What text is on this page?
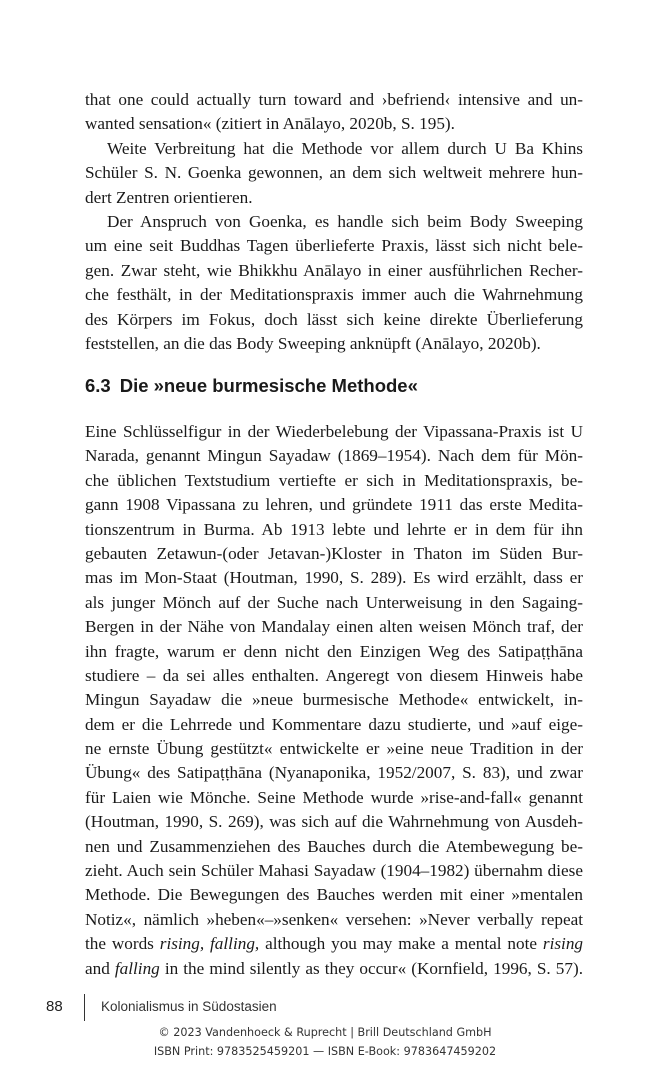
that one could actually turn toward and ›befriend‹ intensive and un-
wanted sensation« (zitiert in Anālayo, 2020b, S. 195).
Weite Verbreitung hat die Methode vor allem durch U Ba Khins
Schüler S. N. Goenka gewonnen, an dem sich weltweit mehrere hun-
dert Zentren orientieren.
Der Anspruch von Goenka, es handle sich beim Body Sweeping
um eine seit Buddhas Tagen überlieferte Praxis, lässt sich nicht bele-
gen. Zwar steht, wie Bhikkhu Anālayo in einer ausführlichen Recher-
che festhält, in der Meditationspraxis immer auch die Wahrnehmung
des Körpers im Fokus, doch lässt sich keine direkte Überlieferung
feststellen, an die das Body Sweeping anknüpft (Anālayo, 2020b).
6.3 Die »neue burmesische Methode«
Eine Schlüsselfigur in der Wiederbelebung der Vipassana-Praxis ist U
Narada, genannt Mingun Sayadaw (1869–1954). Nach dem für Mön-
che üblichen Textstudium vertiefte er sich in Meditationspraxis, be-
gann 1908 Vipassana zu lehren, und gründete 1911 das erste Medita-
tionszentrum in Burma. Ab 1913 lebte und lehrte er in dem für ihn
gebauten Zetawun-(oder Jetavan-)Kloster in Thaton im Süden Bur-
mas im Mon-Staat (Houtman, 1990, S. 289). Es wird erzählt, dass er
als junger Mönch auf der Suche nach Unterweisung in den Sagaing-
Bergen in der Nähe von Mandalay einen alten weisen Mönch traf, der
ihn fragte, warum er denn nicht den Einzigen Weg des Satipaṭṭhāna
studiere – da sei alles enthalten. Angeregt von diesem Hinweis habe
Mingun Sayadaw die »neue burmesische Methode« entwickelt, in-
dem er die Lehrrede und Kommentare dazu studierte, und »auf eige-
ne ernste Übung gestützt« entwickelte er »eine neue Tradition in der
Übung« des Satipaṭṭhāna (Nyanaponika, 1952/2007, S. 83), und zwar
für Laien wie Mönche. Seine Methode wurde »rise-and-fall« genannt
(Houtman, 1990, S. 269), was sich auf die Wahrnehmung von Ausdeh-
nen und Zusammenziehen des Bauches durch die Atembewegung be-
zieht. Auch sein Schüler Mahasi Sayadaw (1904–1982) übernahm diese
Methode. Die Bewegungen des Bauches werden mit einer »mentalen
Notiz«, nämlich »heben«–»senken« versehen: »Never verbally repeat
the words rising, falling, although you may make a mental note rising
and falling in the mind silently as they occur« (Kornfield, 1996, S. 57).
88	Kolonialismus in Südostasien
© 2023 Vandenhoeck & Ruprecht | Brill Deutschland GmbH
ISBN Print: 9783525459201 — ISBN E-Book: 9783647459202
